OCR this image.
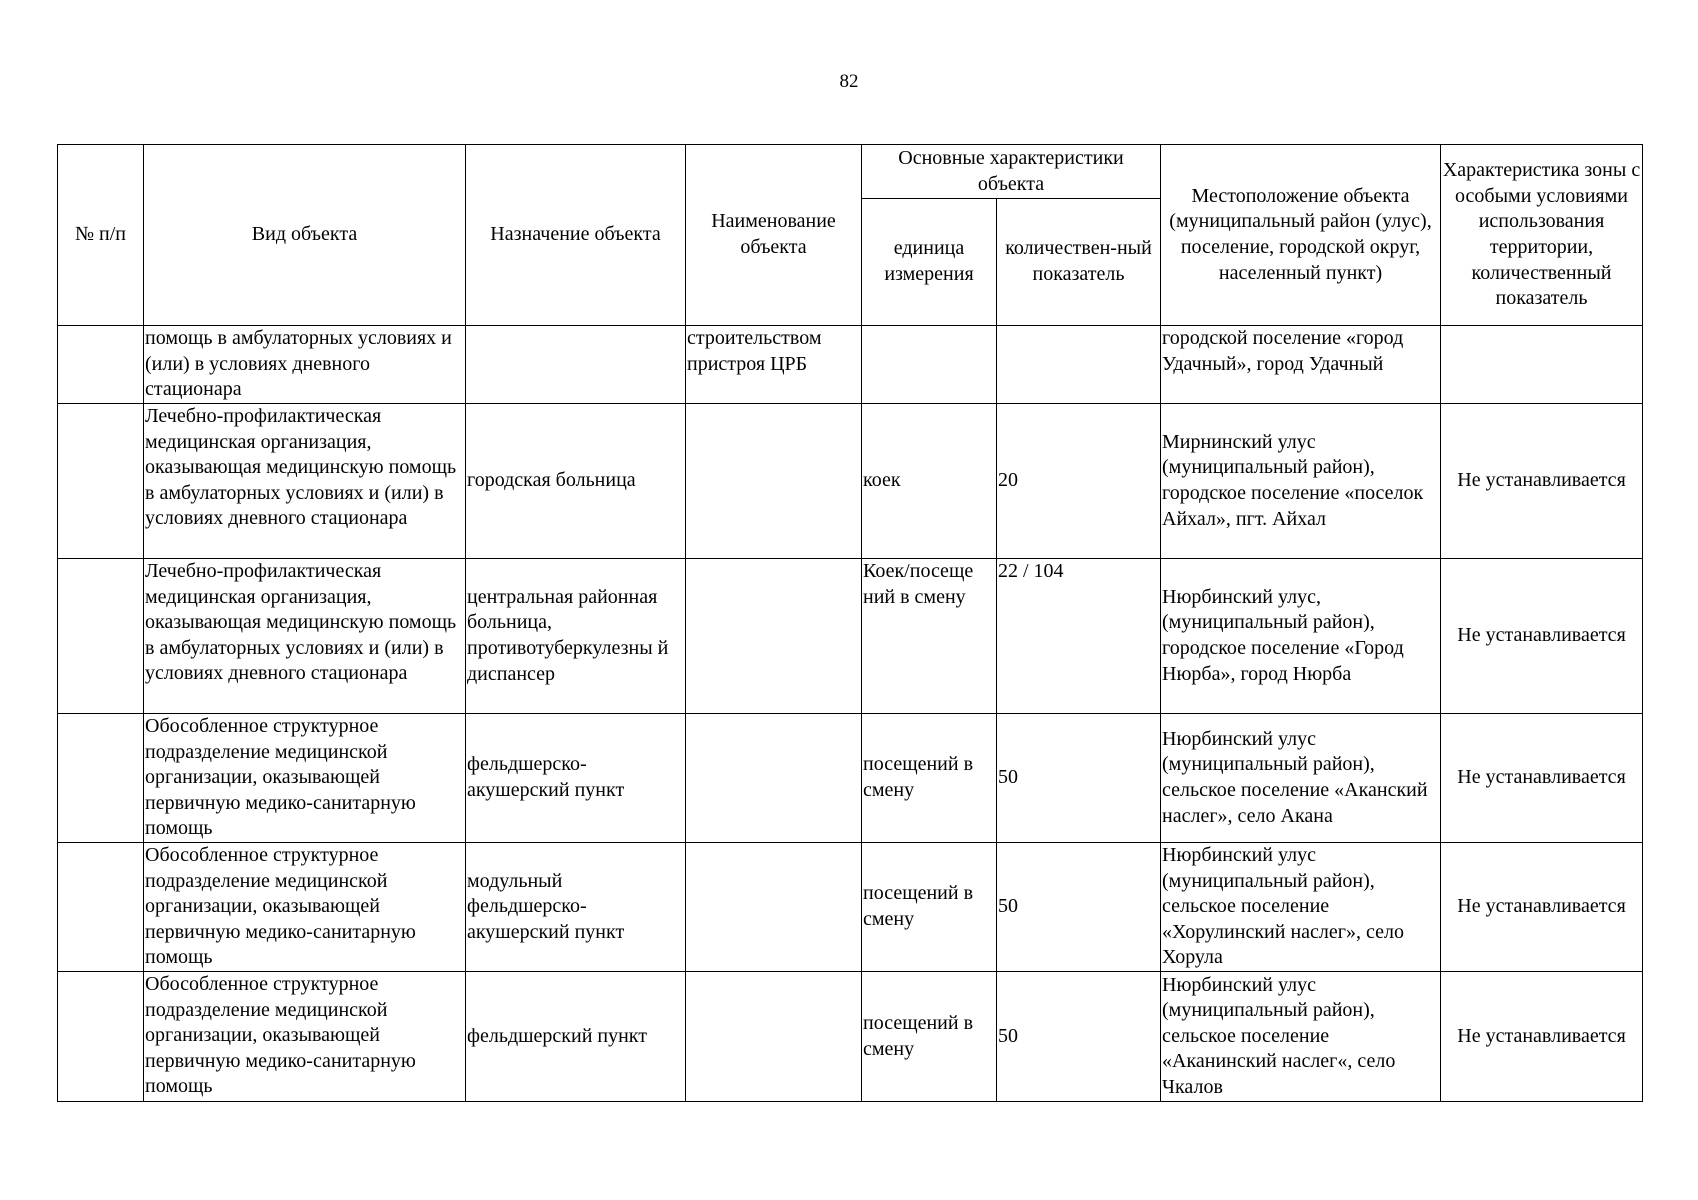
82
№ п/п	Вид объекта	Назначение объекта	Наименование объекта	Основные характеристики объекта		Местоположение объекта (муниципальный район (улус), поселение, городской округ, населенный пункт)	Характеристика зоны с особыми условиями использования территории, количественный показатель
				единица измерения	количествен-ный показатель		
	помощь в амбулаторных условиях и (или) в условиях дневного стационара		строительством пристроя ЦРБ			городской поселение «город Удачный», город Удачный	
	Лечебно-профилактическая медицинская организация, оказывающая медицинскую помощь в амбулаторных условиях и (или) в условиях дневного стационара	городская больница		коек	20	Мирнинский улус (муниципальный район), городское поселение «поселок Айхал», пгт. Айхал	Не устанавливается
	Лечебно-профилактическая медицинская организация, оказывающая медицинскую помощь в амбулаторных условиях и (или) в условиях дневного стационара	центральная районная больница, противотуберкулезны й диспансер		Коек/посеще ний в смену	22 / 104	Нюрбинский улус, (муниципальный район), городское поселение «Город Нюрба», город Нюрба	Не устанавливается
	Обособленное структурное подразделение медицинской организации, оказывающей первичную медико-санитарную помощь	фельдшерско-акушерский пункт		посещений в смену	50	Нюрбинский улус (муниципальный район), сельское поселение «Аканский наслег», село Акана	Не устанавливается
	Обособленное структурное подразделение медицинской организации, оказывающей первичную медико-санитарную помощь	модульный фельдшерско-акушерский пункт		посещений в смену	50	Нюрбинский улус (муниципальный район), сельское поселение «Хорулинский наслег», село Хорула	Не устанавливается
	Обособленное структурное подразделение медицинской организации, оказывающей первичную медико-санитарную помощь	фельдшерский пункт		посещений в смену	50	Нюрбинский улус (муниципальный район), сельское поселение «Аканинский наслег«, село Чкалов	Не устанавливается
